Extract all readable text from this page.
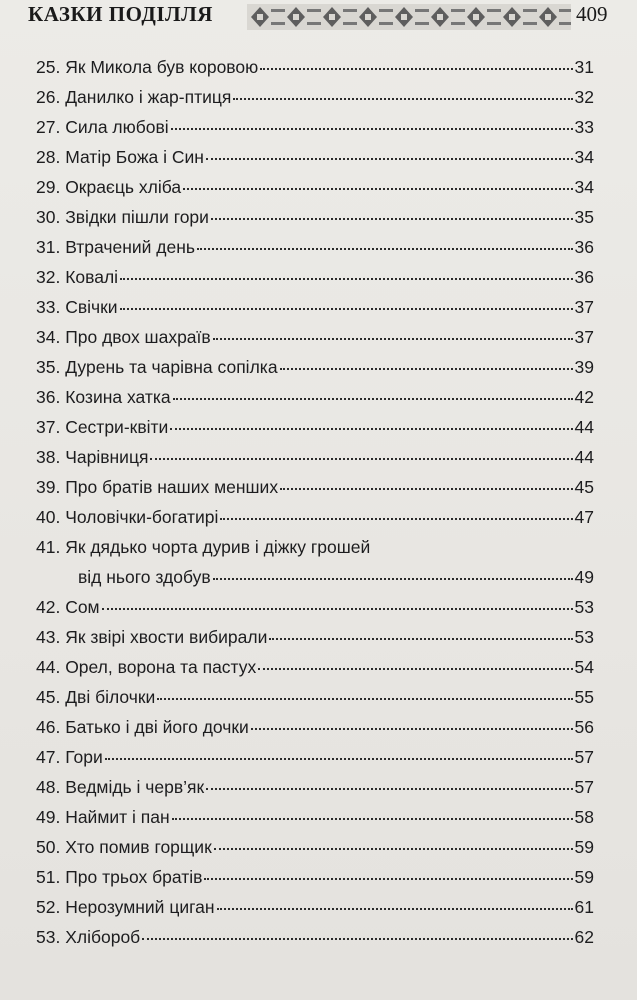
КАЗКИ ПОДІЛЛЯ	409
25. Як Микола був коровою	31
26. Данилко і жар-птиця	32
27. Сила любові	33
28. Матір Божа і Син	34
29. Окраєць хліба	34
30. Звідки пішли гори	35
31. Втрачений день	36
32. Ковалі	36
33. Свічки	37
34. Про двох шахраїв	37
35. Дурень та чарівна сопілка	39
36. Козина хатка	42
37. Сестри-квіти	44
38. Чарівниця	44
39. Про братів наших менших	45
40. Чоловічки-богатирі	47
41. Як дядько чорта дурив і діжку грошей
від нього здобув	49
42. Сом	53
43. Як звірі хвости вибирали	53
44. Орел, ворона та пастух	54
45. Дві білочки	55
46. Батько і дві його дочки	56
47. Гори	57
48. Ведмідь і черв’як	57
49. Наймит і пан	58
50. Хто помив горщик	59
51. Про трьох братів	59
52. Нерозумний циган	61
53. Хлібороб	62
